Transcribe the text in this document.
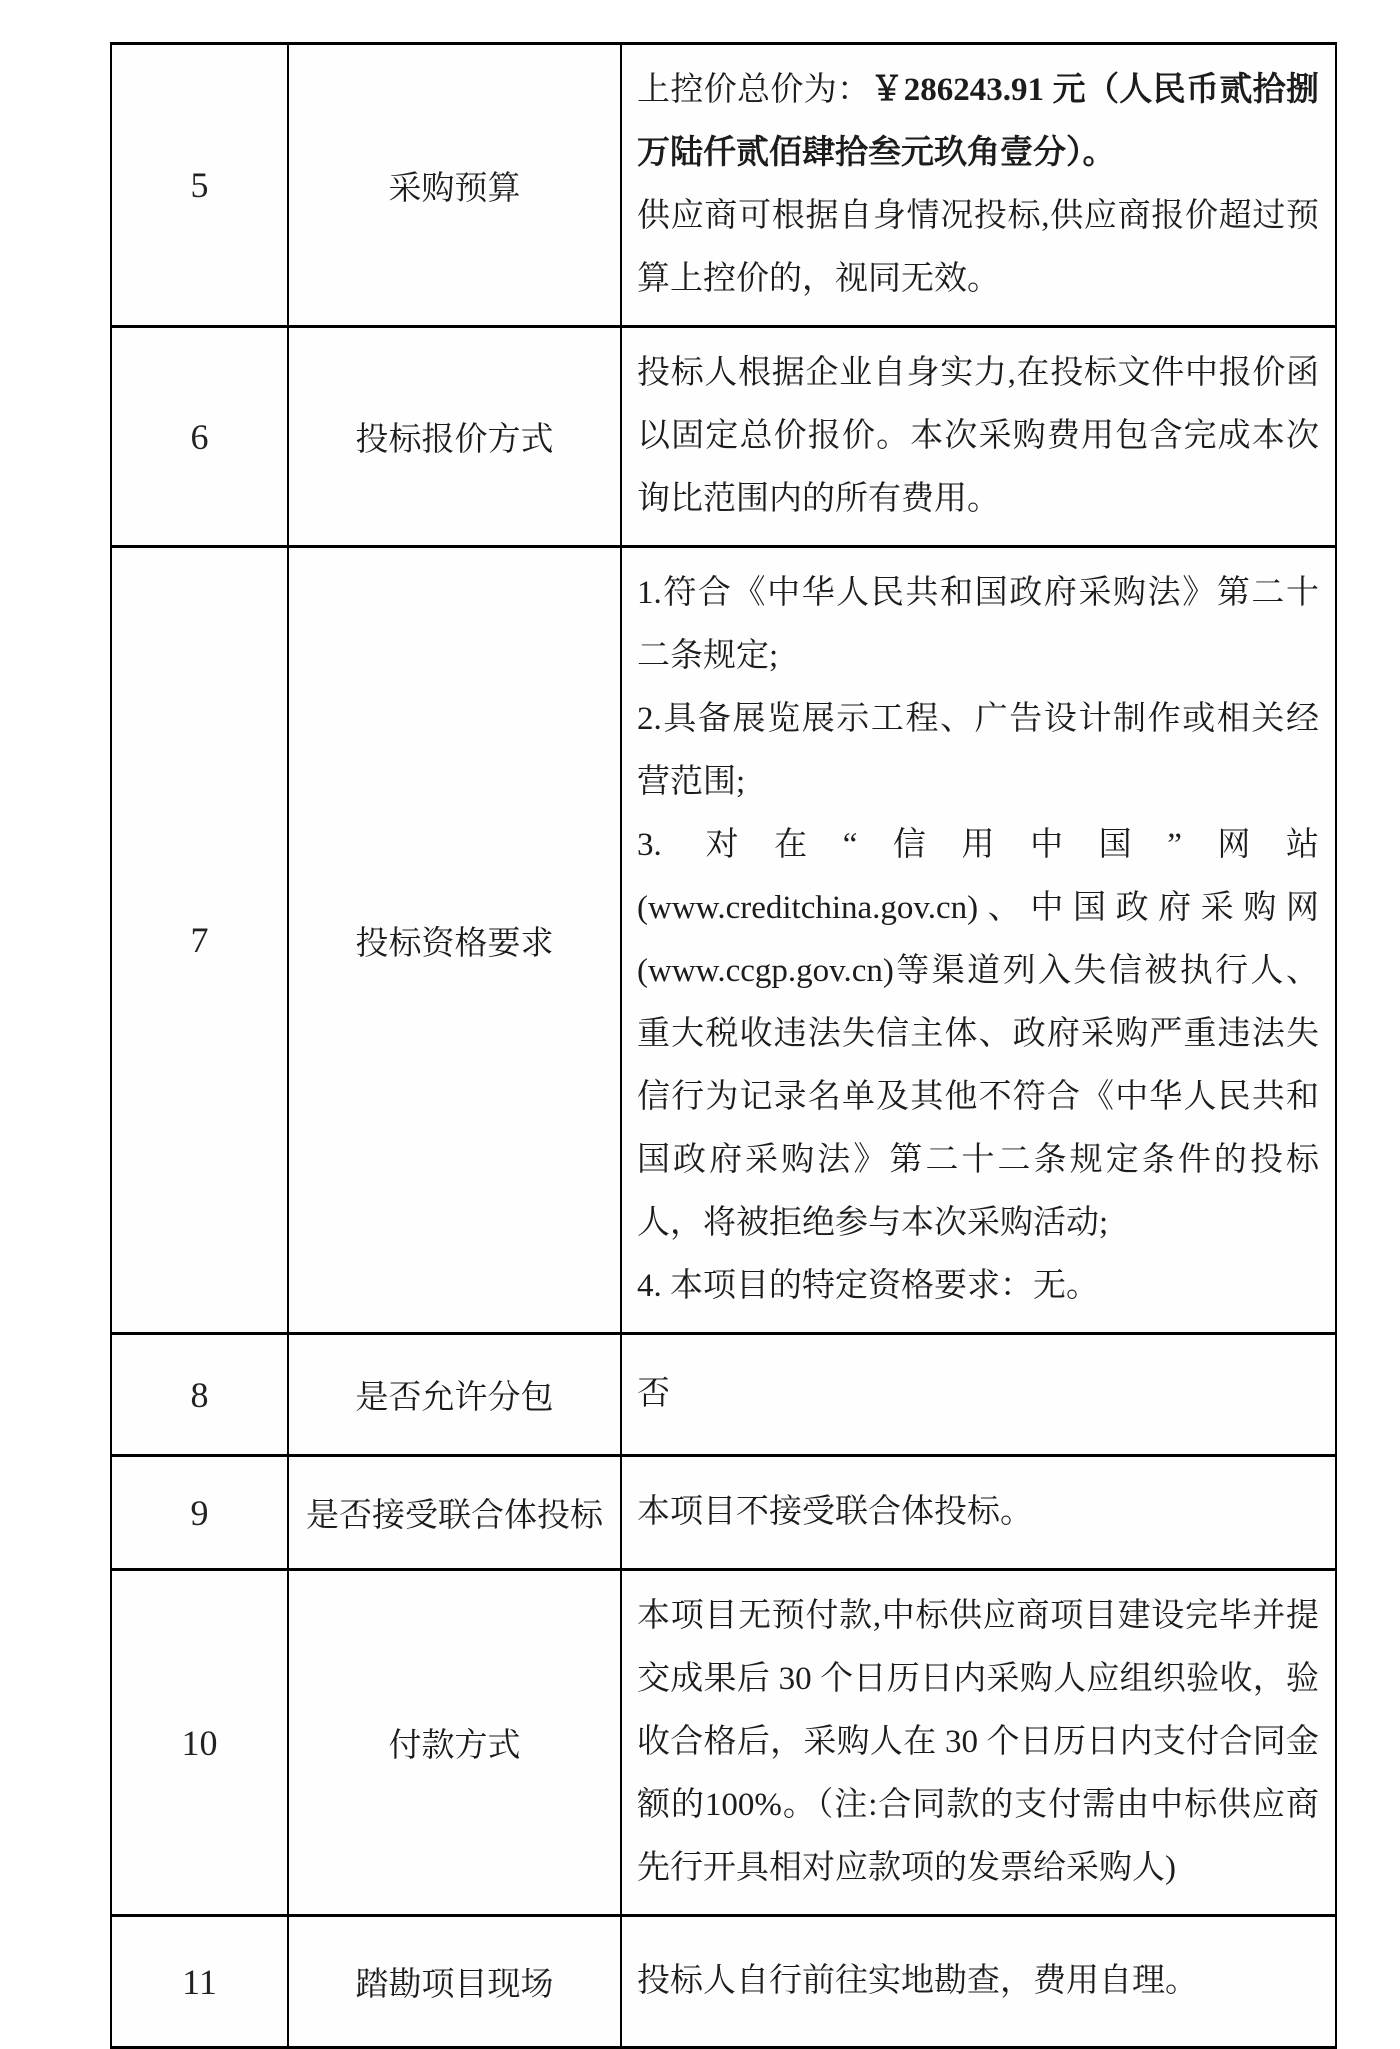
5	采购预算	上控价总价为：￥286243.91 元（人民币贰拾捌万陆仟贰佰肆拾叁元玖角壹分）。

供应商可根据自身情况投标,供应商报价超过预算上控价的，视同无效。

6	投标报价方式	投标人根据企业自身实力,在投标文件中报价函以固定总价报价。本次采购费用包含完成本次询比范围内的所有费用。

7	投标资格要求	1.符合《中华人民共和国政府采购法》第二十二条规定;

2.具备展览展示工程、广告设计制作或相关经营范围;

3. 对在“信用中国”网站(www.creditchina.gov.cn)、中国政府采购网(www.ccgp.gov.cn)等渠道列入失信被执行人、重大税收违法失信主体、政府采购严重违法失信行为记录名单及其他不符合《中华人民共和国政府采购法》第二十二条规定条件的投标人，将被拒绝参与本次采购活动;

4. 本项目的特定资格要求：无。

8	是否允许分包	否

9	是否接受联合体投标	本项目不接受联合体投标。

10	付款方式	本项目无预付款,中标供应商项目建设完毕并提交成果后 30 个日历日内采购人应组织验收，验收合格后，采购人在 30 个日历日内支付合同金额的100%。（注:合同款的支付需由中标供应商先行开具相对应款项的发票给采购人)

11	踏勘项目现场	投标人自行前往实地勘查，费用自理。
